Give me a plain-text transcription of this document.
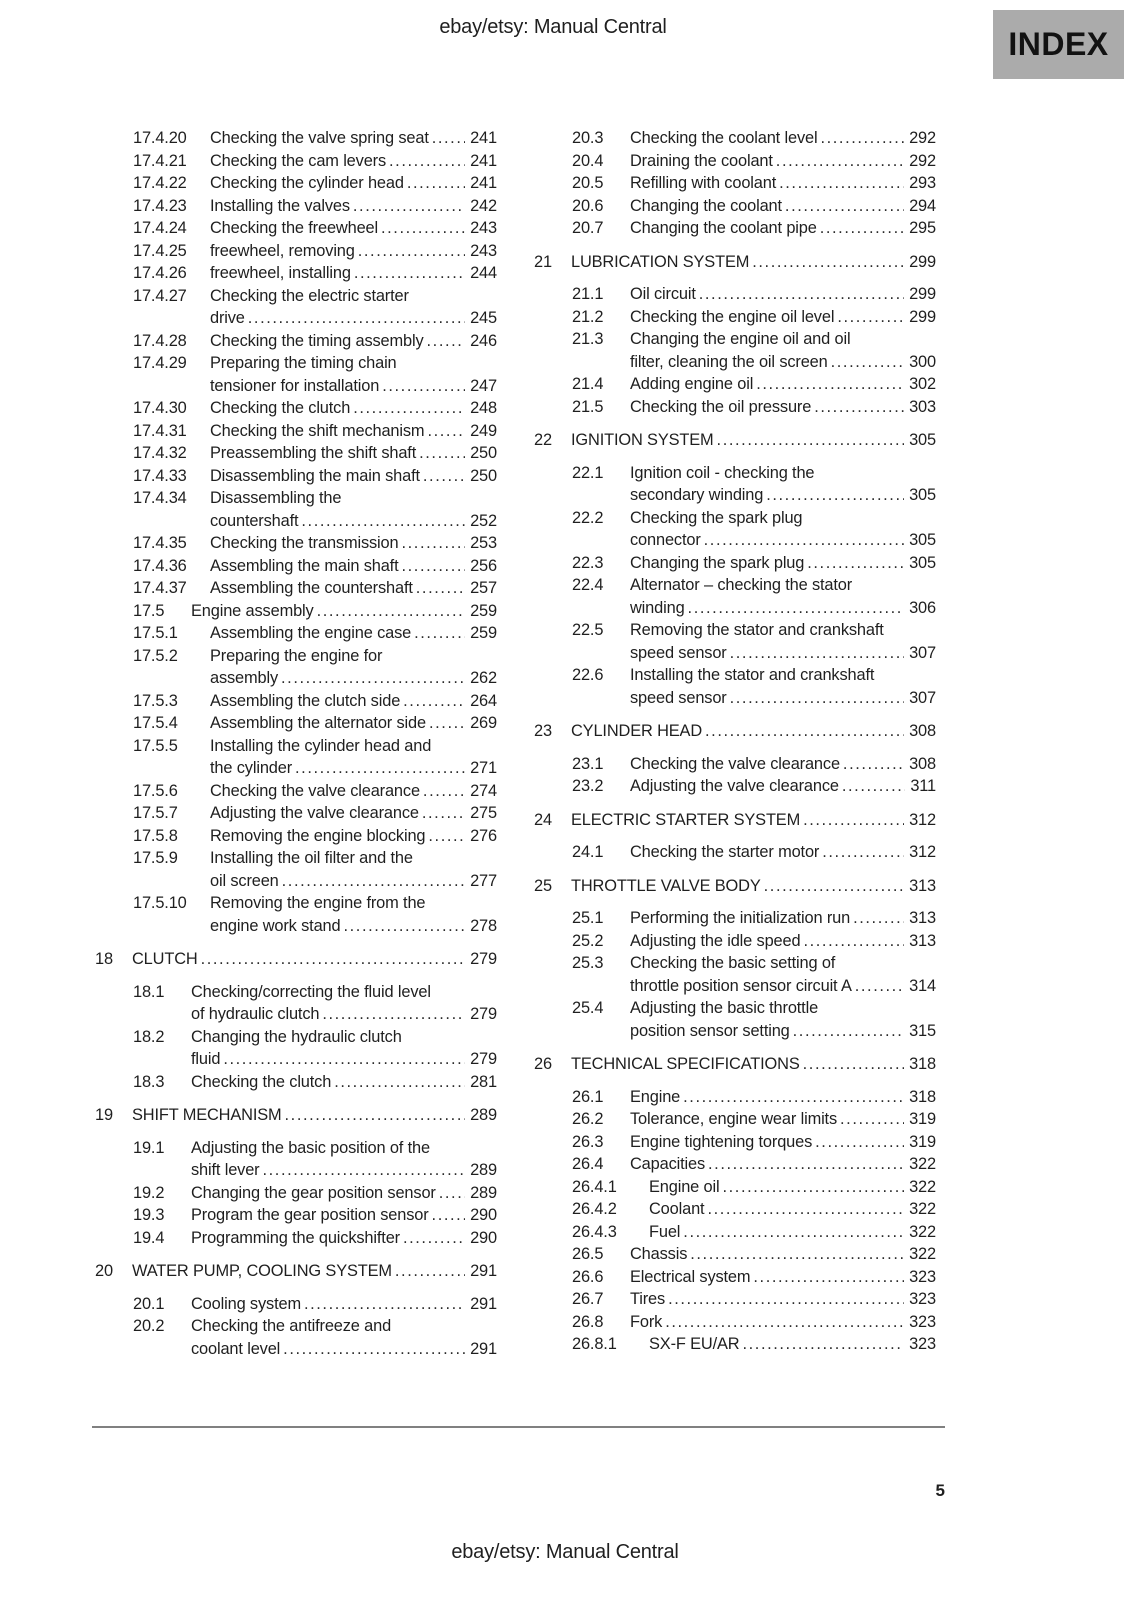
ebay/etsy: Manual Central	INDEX
17.4.20	Checking the valve spring seat .....	241
17.4.21	Checking the cam levers .....	241
17.4.22	Checking the cylinder head .....	241
17.4.23	Installing the valves .....	242
17.4.24	Checking the freewheel .....	243
17.4.25	freewheel, removing .....	243
17.4.26	freewheel, installing .....	244
17.4.27	Checking the electric starter
drive .....	245
17.4.28	Checking the timing assembly .....	246
17.4.29	Preparing the timing chain
tensioner for installation .....	247
17.4.30	Checking the clutch .....	248
17.4.31	Checking the shift mechanism .....	249
17.4.32	Preassembling the shift shaft .....	250
17.4.33	Disassembling the main shaft .....	250
17.4.34	Disassembling the
countershaft .....	252
17.4.35	Checking the transmission .....	253
17.4.36	Assembling the main shaft .....	256
17.4.37	Assembling the countershaft .....	257
17.5	Engine assembly .....	259
17.5.1	Assembling the engine case .....	259
17.5.2	Preparing the engine for
assembly .....	262
17.5.3	Assembling the clutch side .....	264
17.5.4	Assembling the alternator side .....	269
17.5.5	Installing the cylinder head and
the cylinder .....	271
17.5.6	Checking the valve clearance .....	274
17.5.7	Adjusting the valve clearance .....	275
17.5.8	Removing the engine blocking .....	276
17.5.9	Installing the oil filter and the
oil screen .....	277
17.5.10	Removing the engine from the
engine work stand .....	278
18	CLUTCH .....	279
18.1	Checking/correcting the fluid level
of hydraulic clutch .....	279
18.2	Changing the hydraulic clutch
fluid .....	279
18.3	Checking the clutch .....	281
19	SHIFT MECHANISM .....	289
19.1	Adjusting the basic position of the
shift lever .....	289
19.2	Changing the gear position sensor .....	289
19.3	Program the gear position sensor .....	290
19.4	Programming the quickshifter .....	290
20	WATER PUMP, COOLING SYSTEM .....	291
20.1	Cooling system .....	291
20.2	Checking the antifreeze and
coolant level .....	291
20.3	Checking the coolant level .....	292
20.4	Draining the coolant .....	292
20.5	Refilling with coolant .....	293
20.6	Changing the coolant .....	294
20.7	Changing the coolant pipe .....	295
21	LUBRICATION SYSTEM .....	299
21.1	Oil circuit .....	299
21.2	Checking the engine oil level .....	299
21.3	Changing the engine oil and oil
filter, cleaning the oil screen .....	300
21.4	Adding engine oil .....	302
21.5	Checking the oil pressure .....	303
22	IGNITION SYSTEM .....	305
22.1	Ignition coil - checking the
secondary winding .....	305
22.2	Checking the spark plug
connector .....	305
22.3	Changing the spark plug .....	305
22.4	Alternator – checking the stator
winding .....	306
22.5	Removing the stator and crankshaft
speed sensor .....	307
22.6	Installing the stator and crankshaft
speed sensor .....	307
23	CYLINDER HEAD .....	308
23.1	Checking the valve clearance .....	308
23.2	Adjusting the valve clearance .....	311
24	ELECTRIC STARTER SYSTEM .....	312
24.1	Checking the starter motor .....	312
25	THROTTLE VALVE BODY .....	313
25.1	Performing the initialization run .....	313
25.2	Adjusting the idle speed .....	313
25.3	Checking the basic setting of
throttle position sensor circuit A .....	314
25.4	Adjusting the basic throttle
position sensor setting .....	315
26	TECHNICAL SPECIFICATIONS .....	318
26.1	Engine .....	318
26.2	Tolerance, engine wear limits .....	319
26.3	Engine tightening torques .....	319
26.4	Capacities .....	322
26.4.1	Engine oil .....	322
26.4.2	Coolant .....	322
26.4.3	Fuel .....	322
26.5	Chassis .....	322
26.6	Electrical system .....	323
26.7	Tires .....	323
26.8	Fork .....	323
26.8.1	SX-F EU/AR .....	323
5
ebay/etsy: Manual Central
